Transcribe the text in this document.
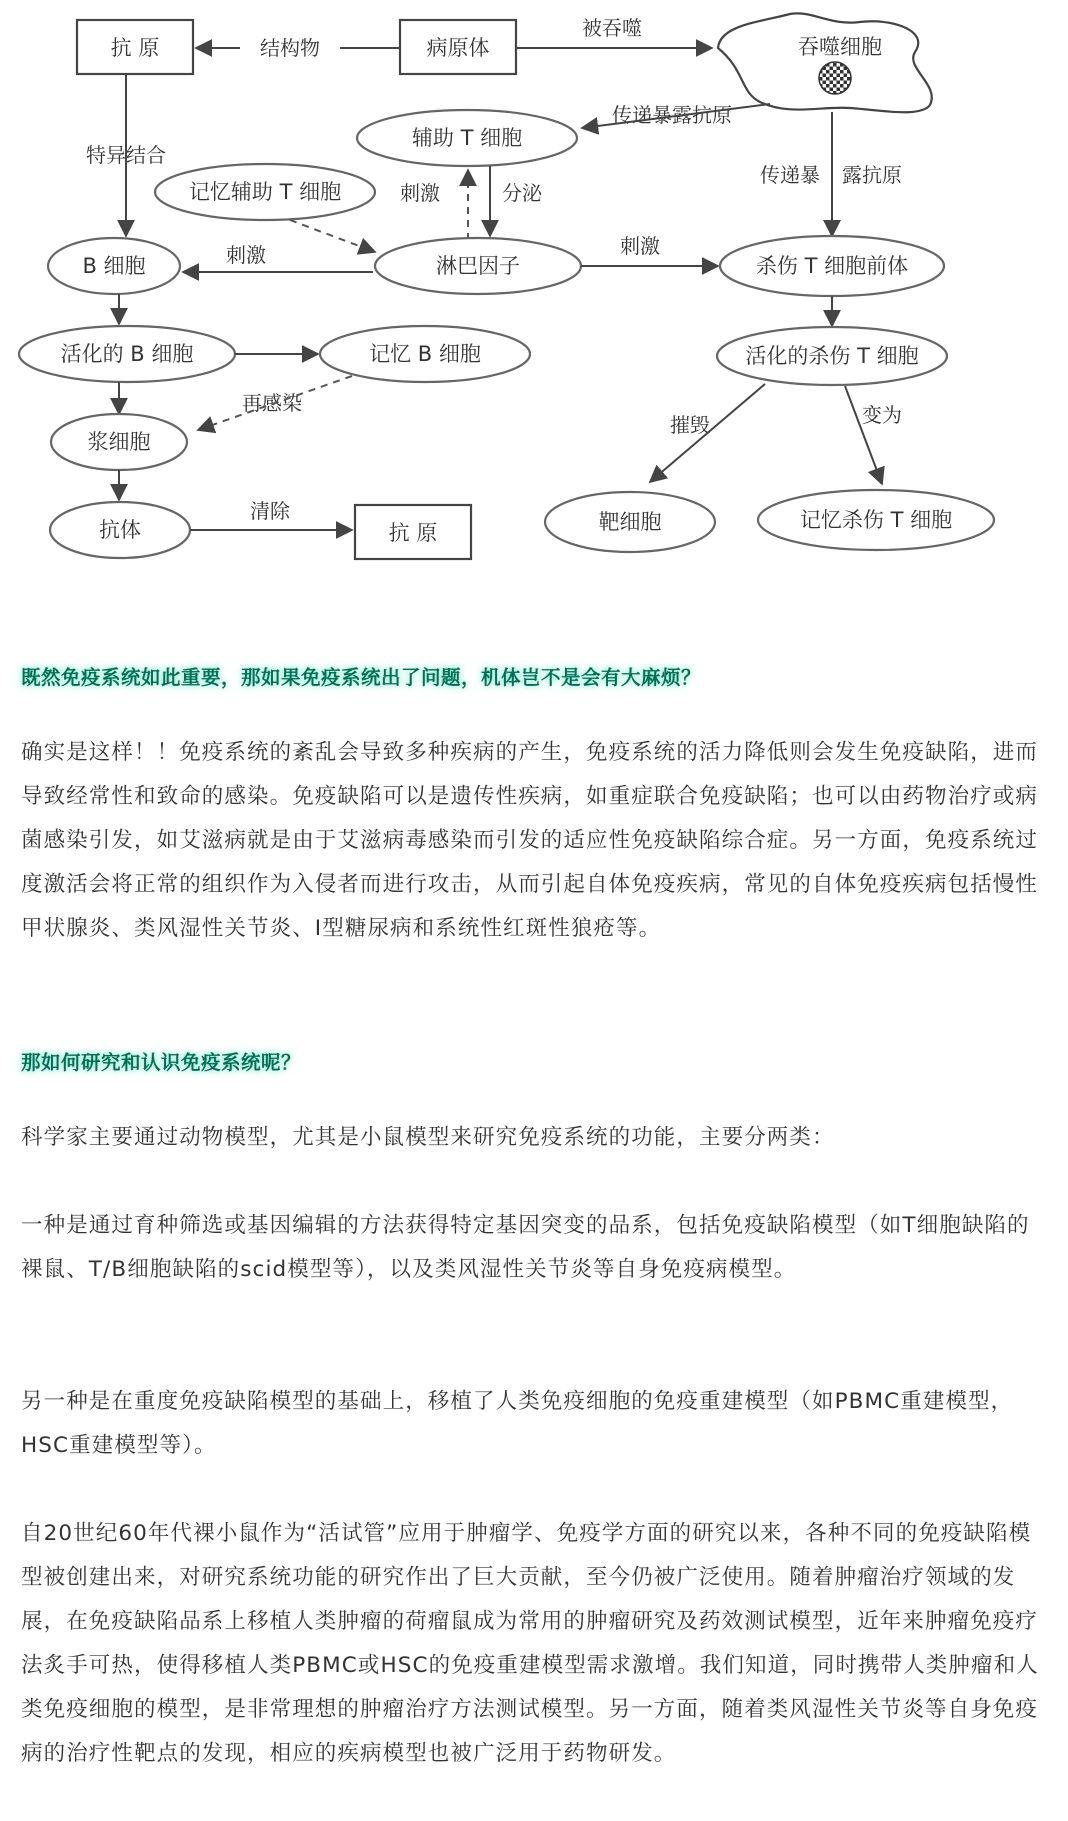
抗 原	结构物	病原体
被吞噬
吞噬细胞
传递暴露抗原
辅助 T 细胞
特异结合
记忆辅助 T 细胞	刺激	分泌
传递暴 露抗原
B 细胞	刺激	淋巴因子
刺激
杀伤 T 细胞前体
活化的 B 细胞	记忆 B 细胞	活化的杀伤 T 细胞
再感染
摧毁	变为
浆细胞
抗体
清除
抗 原	靶细胞	记忆杀伤 T 细胞

既然免疫系统如此重要，那如果免疫系统出了问题，机体岂不是会有大麻烦？

确实是这样！！免疫系统的紊乱会导致多种疾病的产生，免疫系统的活力降低则会发生免疫缺陷，进而导致经常性和致命的感染。免疫缺陷可以是遗传性疾病，如重症联合免疫缺陷；也可以由药物治疗或病菌感染引发，如艾滋病就是由于艾滋病毒感染而引发的适应性免疫缺陷综合症。另一方面，免疫系统过度激活会将正常的组织作为入侵者而进行攻击，从而引起自体免疫疾病，常见的自体免疫疾病包括慢性甲状腺炎、类风湿性关节炎、I型糖尿病和系统性红斑性狼疮等。

那如何研究和认识免疫系统呢？

科学家主要通过动物模型，尤其是小鼠模型来研究免疫系统的功能，主要分两类：

一种是通过育种筛选或基因编辑的方法获得特定基因突变的品系，包括免疫缺陷模型（如T细胞缺陷的裸鼠、T/B细胞缺陷的scid模型等），以及类风湿性关节炎等自身免疫病模型。

另一种是在重度免疫缺陷模型的基础上，移植了人类免疫细胞的免疫重建模型（如PBMC重建模型，HSC重建模型等）。

自20世纪60年代裸小鼠作为“活试管”应用于肿瘤学、免疫学方面的研究以来，各种不同的免疫缺陷模型被创建出来，对研究系统功能的研究作出了巨大贡献，至今仍被广泛使用。随着肿瘤治疗领域的发展，在免疫缺陷品系上移植人类肿瘤的荷瘤鼠成为常用的肿瘤研究及药效测试模型，近年来肿瘤免疫疗法炙手可热，使得移植人类PBMC或HSC的免疫重建模型需求激增。我们知道，同时携带人类肿瘤和人类免疫细胞的模型，是非常理想的肿瘤治疗方法测试模型。另一方面，随着类风湿性关节炎等自身免疫病的治疗性靶点的发现，相应的疾病模型也被广泛用于药物研发。
